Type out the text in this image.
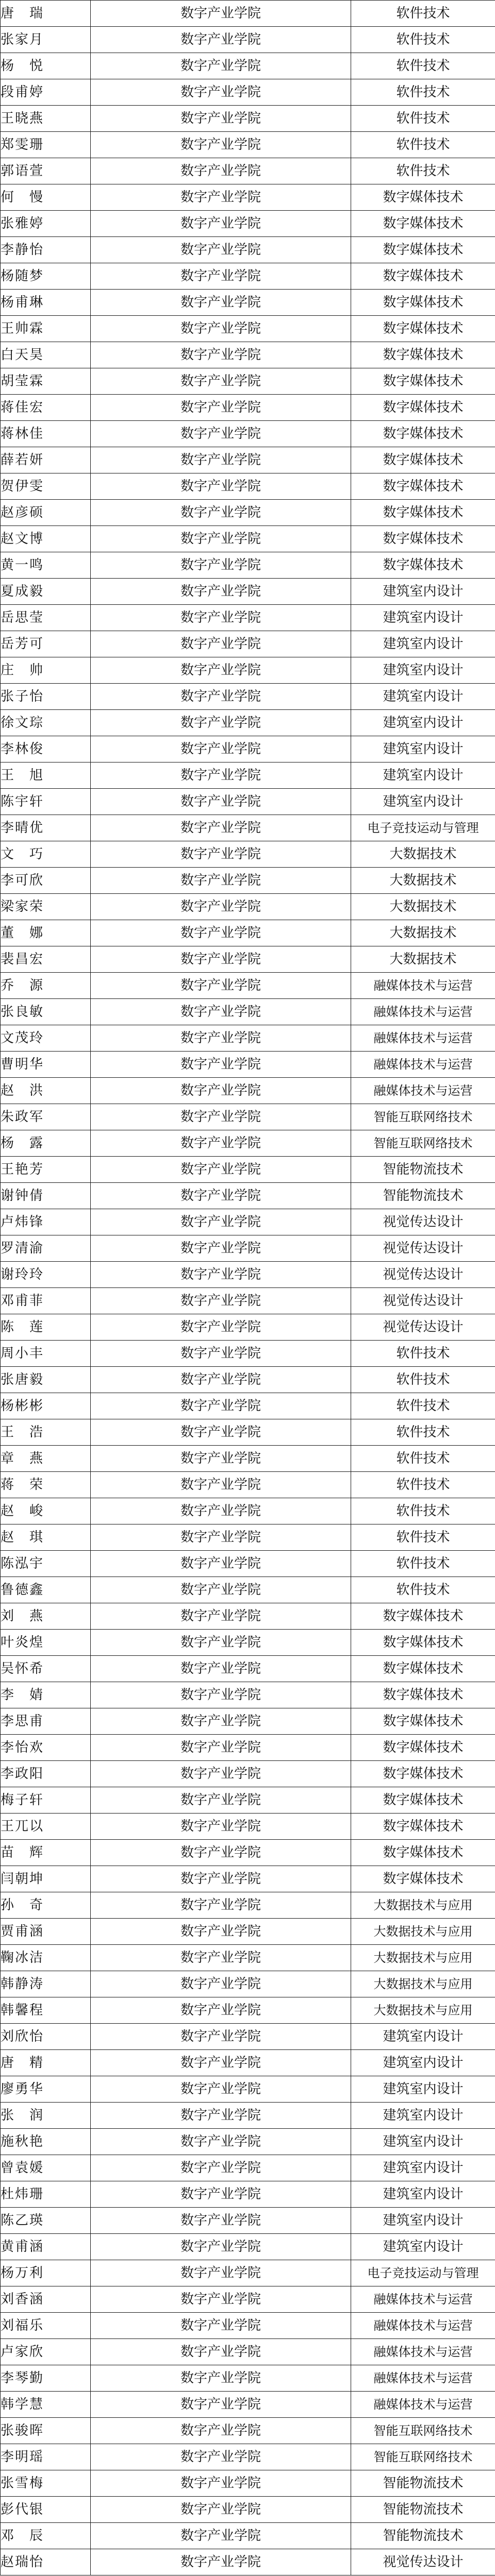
唐　瑞	数字产业学院	软件技术
张家月	数字产业学院	软件技术
杨　悦	数字产业学院	软件技术
段甫婷	数字产业学院	软件技术
王晓燕	数字产业学院	软件技术
郑雯珊	数字产业学院	软件技术
郭语萱	数字产业学院	软件技术
何　慢	数字产业学院	数字媒体技术
张雅婷	数字产业学院	数字媒体技术
李静怡	数字产业学院	数字媒体技术
杨随梦	数字产业学院	数字媒体技术
杨甫琳	数字产业学院	数字媒体技术
王帅霖	数字产业学院	数字媒体技术
白天昊	数字产业学院	数字媒体技术
胡莹霖	数字产业学院	数字媒体技术
蒋佳宏	数字产业学院	数字媒体技术
蒋林佳	数字产业学院	数字媒体技术
薛若妍	数字产业学院	数字媒体技术
贺伊雯	数字产业学院	数字媒体技术
赵彦硕	数字产业学院	数字媒体技术
赵文博	数字产业学院	数字媒体技术
黄一鸣	数字产业学院	数字媒体技术
夏成毅	数字产业学院	建筑室内设计
岳思莹	数字产业学院	建筑室内设计
岳芳可	数字产业学院	建筑室内设计
庄　帅	数字产业学院	建筑室内设计
张子怡	数字产业学院	建筑室内设计
徐文琮	数字产业学院	建筑室内设计
李林俊	数字产业学院	建筑室内设计
王　旭	数字产业学院	建筑室内设计
陈宇轩	数字产业学院	建筑室内设计
李晴优	数字产业学院	电子竞技运动与管理
文　巧	数字产业学院	大数据技术
李可欣	数字产业学院	大数据技术
梁家荣	数字产业学院	大数据技术
董　娜	数字产业学院	大数据技术
裴昌宏	数字产业学院	大数据技术
乔　源	数字产业学院	融媒体技术与运营
张良敏	数字产业学院	融媒体技术与运营
文茂玲	数字产业学院	融媒体技术与运营
曹明华	数字产业学院	融媒体技术与运营
赵　洪	数字产业学院	融媒体技术与运营
朱政军	数字产业学院	智能互联网络技术
杨　露	数字产业学院	智能互联网络技术
王艳芳	数字产业学院	智能物流技术
谢钟倩	数字产业学院	智能物流技术
卢炜锋	数字产业学院	视觉传达设计
罗清渝	数字产业学院	视觉传达设计
谢玲玲	数字产业学院	视觉传达设计
邓甫菲	数字产业学院	视觉传达设计
陈　莲	数字产业学院	视觉传达设计
周小丰	数字产业学院	软件技术
张唐毅	数字产业学院	软件技术
杨彬彬	数字产业学院	软件技术
王　浩	数字产业学院	软件技术
章　燕	数字产业学院	软件技术
蒋　荣	数字产业学院	软件技术
赵　峻	数字产业学院	软件技术
赵　琪	数字产业学院	软件技术
陈泓宇	数字产业学院	软件技术
鲁德鑫	数字产业学院	软件技术
刘　燕	数字产业学院	数字媒体技术
叶炎煌	数字产业学院	数字媒体技术
吴怀希	数字产业学院	数字媒体技术
李　婧	数字产业学院	数字媒体技术
李思甫	数字产业学院	数字媒体技术
李怡欢	数字产业学院	数字媒体技术
李政阳	数字产业学院	数字媒体技术
梅子轩	数字产业学院	数字媒体技术
王兀以	数字产业学院	数字媒体技术
苗　辉	数字产业学院	数字媒体技术
闫朝坤	数字产业学院	数字媒体技术
孙　奇	数字产业学院	大数据技术与应用
贾甫涵	数字产业学院	大数据技术与应用
鞠冰洁	数字产业学院	大数据技术与应用
韩静涛	数字产业学院	大数据技术与应用
韩馨程	数字产业学院	大数据技术与应用
刘欣怡	数字产业学院	建筑室内设计
唐　精	数字产业学院	建筑室内设计
廖勇华	数字产业学院	建筑室内设计
张　润	数字产业学院	建筑室内设计
施秋艳	数字产业学院	建筑室内设计
曾袁媛	数字产业学院	建筑室内设计
杜炜珊	数字产业学院	建筑室内设计
陈乙瑛	数字产业学院	建筑室内设计
黄甫涵	数字产业学院	建筑室内设计
杨万利	数字产业学院	电子竞技运动与管理
刘香涵	数字产业学院	融媒体技术与运营
刘福乐	数字产业学院	融媒体技术与运营
卢家欣	数字产业学院	融媒体技术与运营
李琴勤	数字产业学院	融媒体技术与运营
韩学慧	数字产业学院	融媒体技术与运营
张骏晖	数字产业学院	智能互联网络技术
李明瑶	数字产业学院	智能互联网络技术
张雪梅	数字产业学院	智能物流技术
彭代银	数字产业学院	智能物流技术
邓　辰	数字产业学院	智能物流技术
赵瑞怡	数字产业学院	视觉传达设计
